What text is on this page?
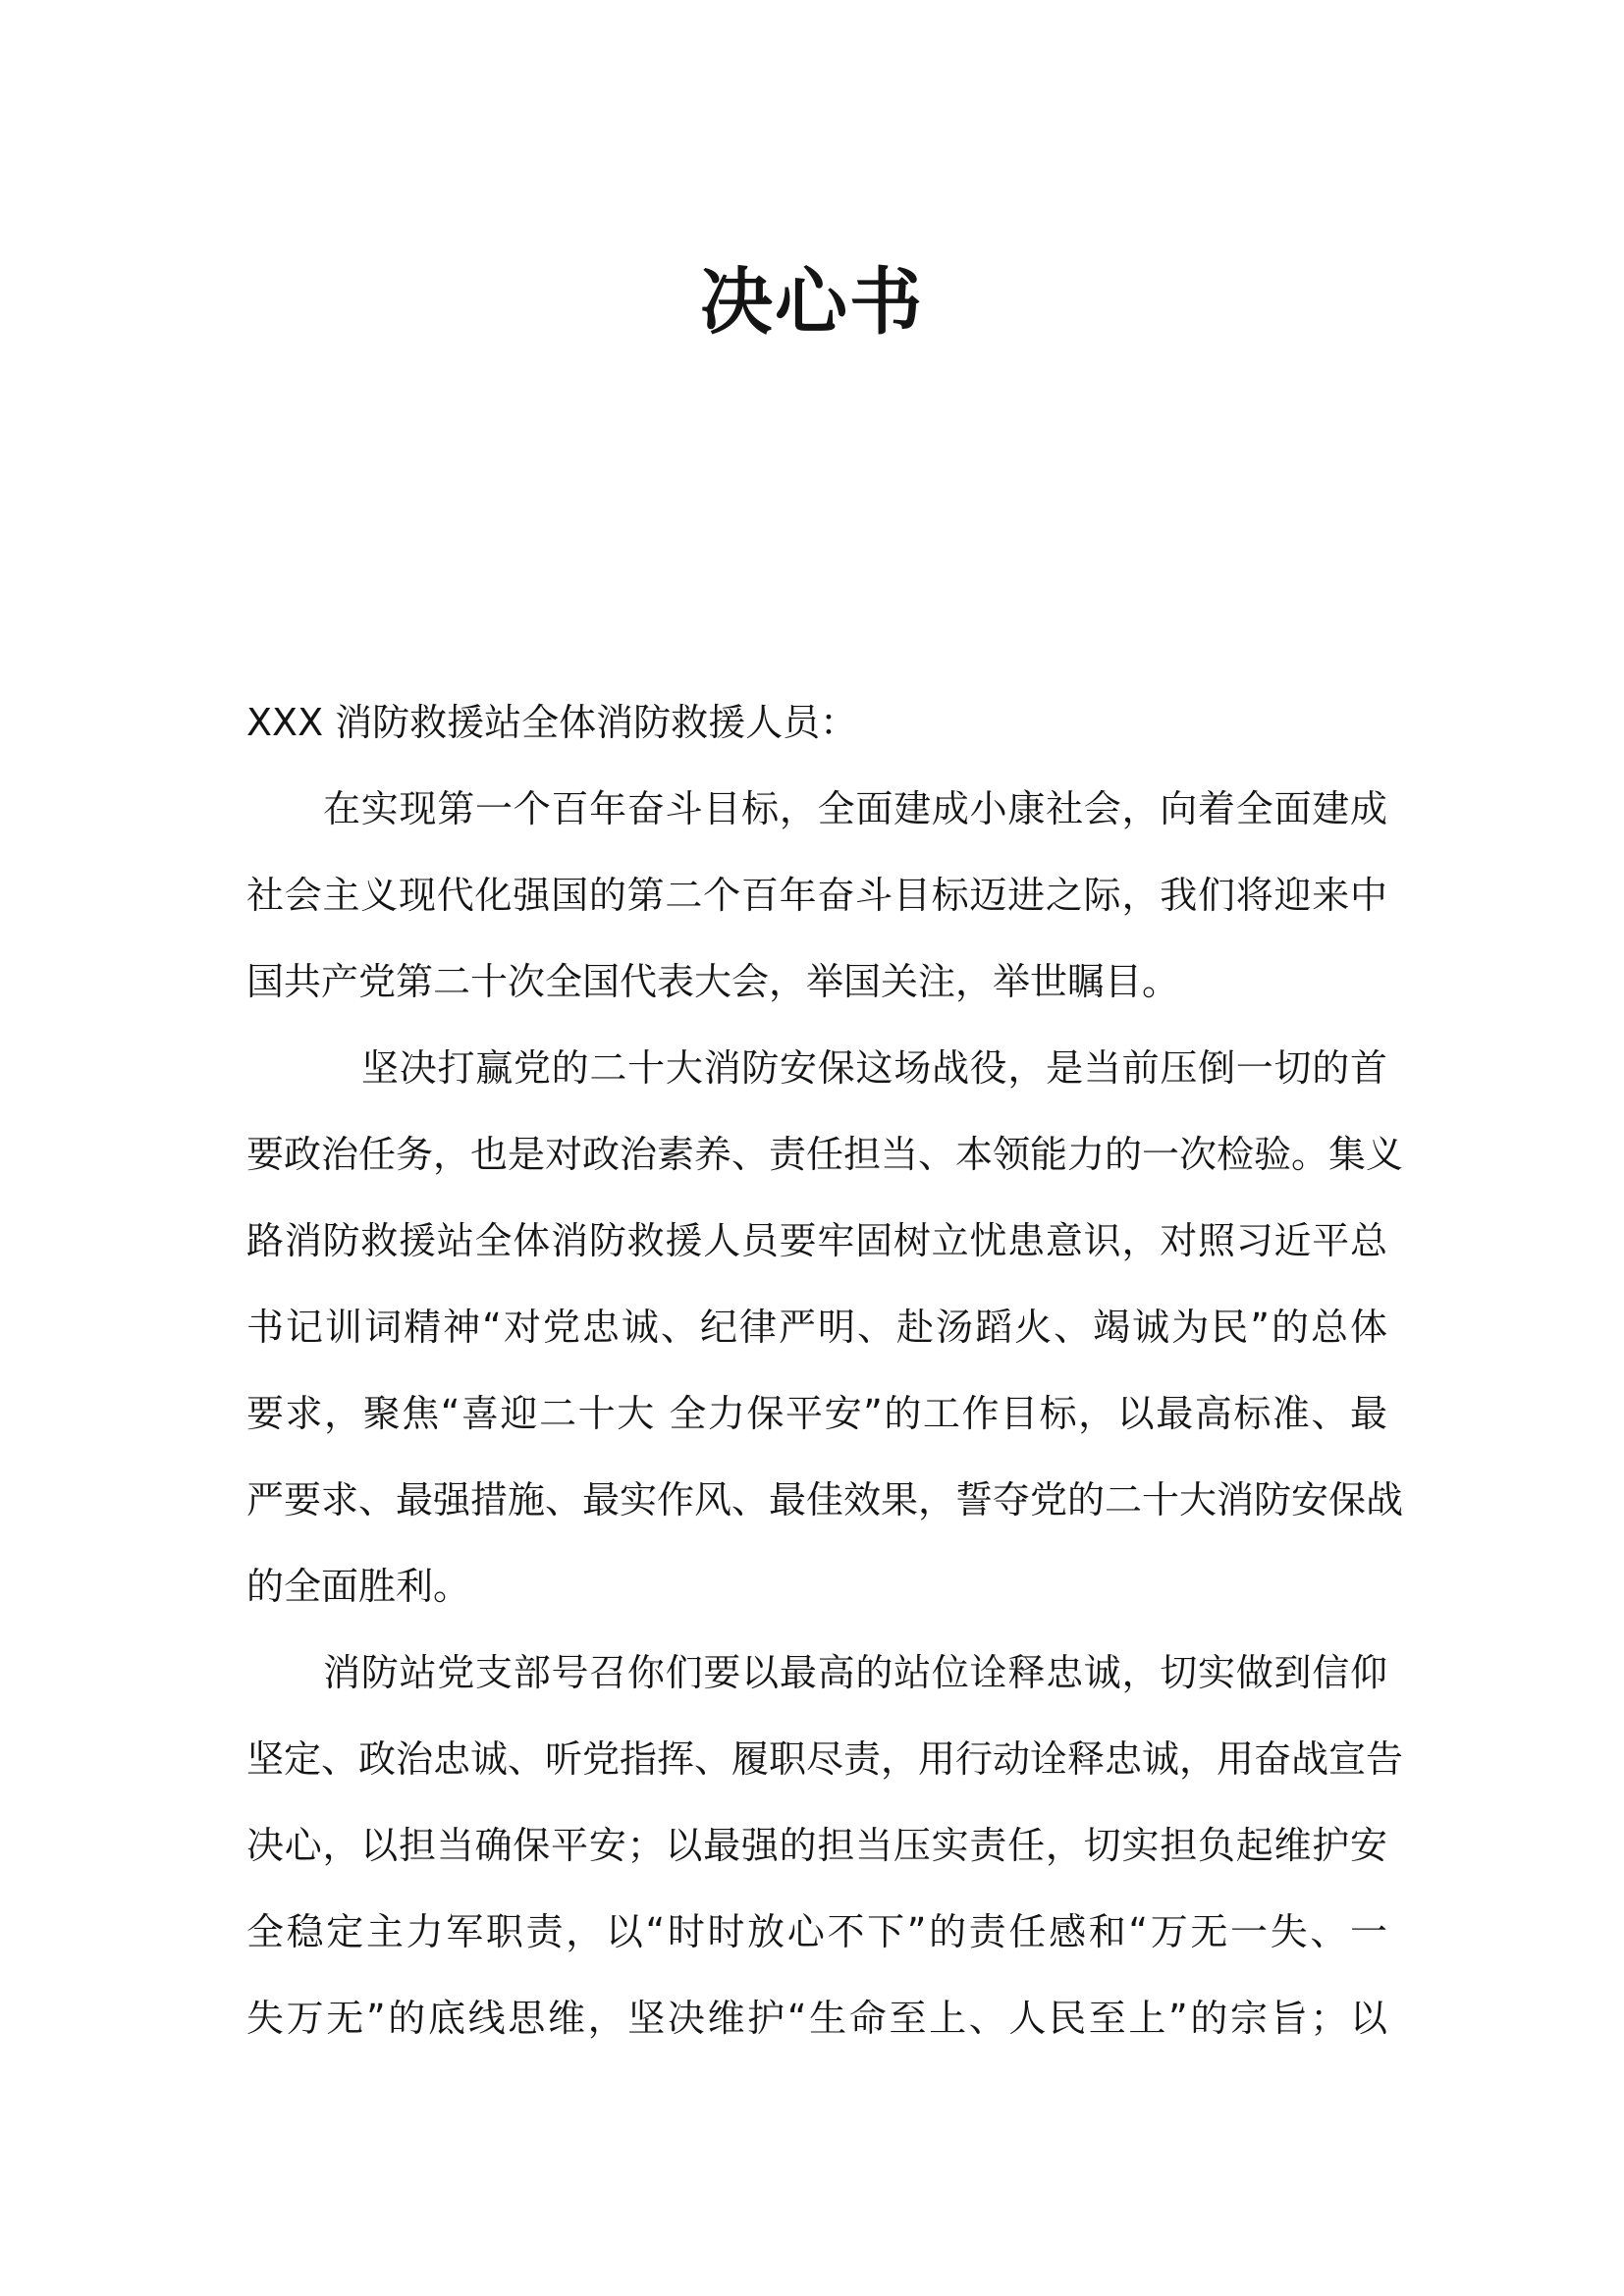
决心书
XXX 消防救援站全体消防救援人员：
在实现第一个百年奋斗目标，全面建成小康社会，向着全面建成
社会主义现代化强国的第二个百年奋斗目标迈进之际，我们将迎来中
国共产党第二十次全国代表大会，举国关注，举世瞩目。
坚决打赢党的二十大消防安保这场战役，是当前压倒一切的首
要政治任务，也是对政治素养、责任担当、本领能力的一次检验。集义
路消防救援站全体消防救援人员要牢固树立忧患意识，对照习近平总
书记训词精神“对党忠诚、纪律严明、赴汤蹈火、竭诚为民”的总体
要求，聚焦“喜迎二十大 全力保平安”的工作目标，以最高标准、最
严要求、最强措施、最实作风、最佳效果，誓夺党的二十大消防安保战
的全面胜利。
消防站党支部号召你们要以最高的站位诠释忠诚，切实做到信仰
坚定、政治忠诚、听党指挥、履职尽责，用行动诠释忠诚，用奋战宣告
决心，以担当确保平安；以最强的担当压实责任，切实担负起维护安
全稳定主力军职责，以“时时放心不下”的责任感和“万无一失、一
失万无”的底线思维，坚决维护“生命至上、人民至上”的宗旨；以
